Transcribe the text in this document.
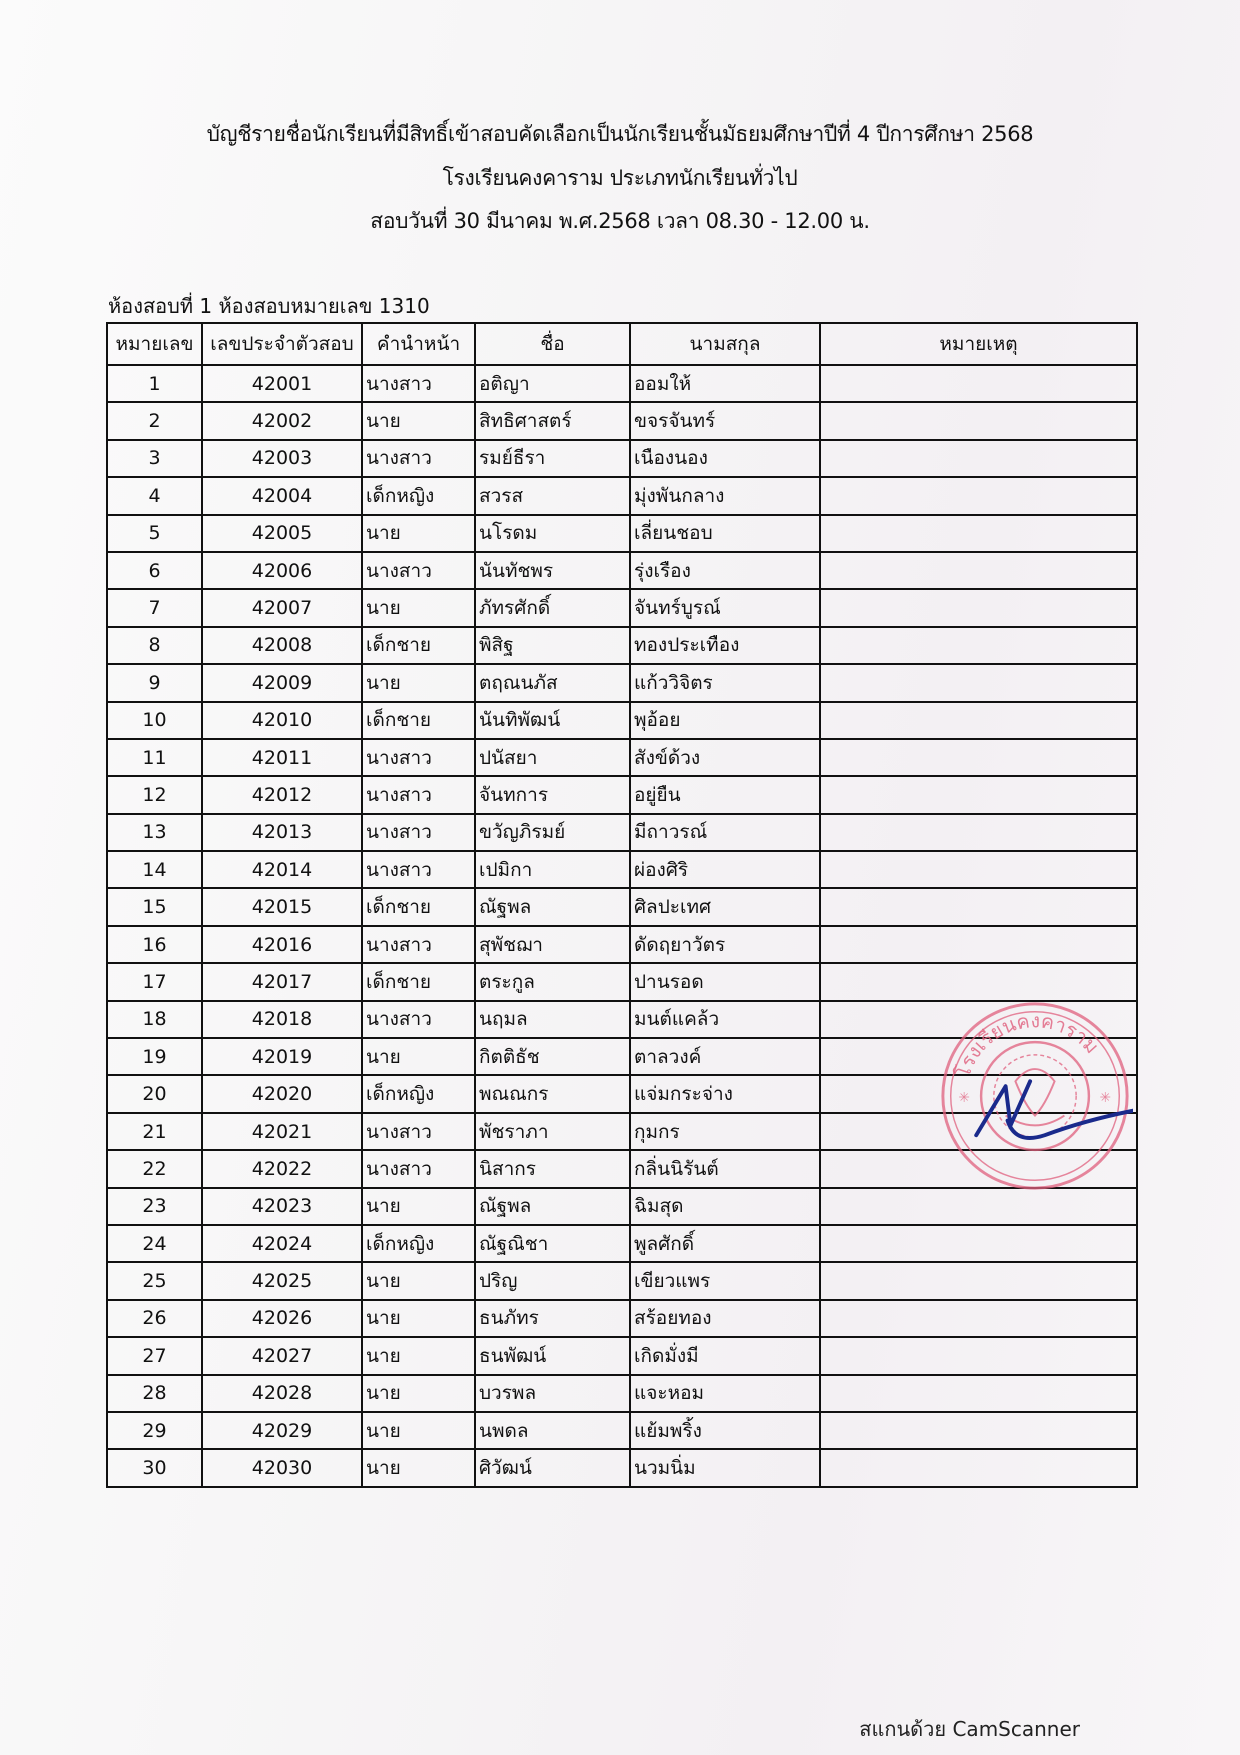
บัญชีรายชื่อนักเรียนที่มีสิทธิ์เข้าสอบคัดเลือกเป็นนักเรียนชั้นมัธยมศึกษาปีที่ 4 ปีการศึกษา 2568
โรงเรียนคงคาราม ประเภทนักเรียนทั่วไป
สอบวันที่ 30 มีนาคม พ.ศ.2568 เวลา 08.30 - 12.00 น.
ห้องสอบที่ 1 ห้องสอบหมายเลข 1310
หมายเลข	เลขประจำตัวสอบ	คำนำหน้า	ชื่อ	นามสกุล	หมายเหตุ
1	42001	นางสาว	อติญา	ออมให้	
2	42002	นาย	สิทธิศาสตร์	ขจรจันทร์	
3	42003	นางสาว	รมย์ธีรา	เนืองนอง	
4	42004	เด็กหญิง	สวรส	มุ่งพันกลาง	
5	42005	นาย	นโรดม	เลี่ยนชอบ	
6	42006	นางสาว	นันทัชพร	รุ่งเรือง	
7	42007	นาย	ภัทรศักดิ์	จันทร์บูรณ์	
8	42008	เด็กชาย	พิสิฐ	ทองประเทือง	
9	42009	นาย	ตฤณนภัส	แก้ววิจิตร	
10	42010	เด็กชาย	นันทิพัฒน์	พุอ้อย	
11	42011	นางสาว	ปนัสยา	สังข์ด้วง	
12	42012	นางสาว	จันทการ	อยู่ยืน	
13	42013	นางสาว	ขวัญภิรมย์	มีถาวรณ์	
14	42014	นางสาว	เปมิกา	ผ่องศิริ	
15	42015	เด็กชาย	ณัฐพล	ศิลปะเทศ	
16	42016	นางสาว	สุพัชฌา	ดัดฤยาวัตร	
17	42017	เด็กชาย	ตระกูล	ปานรอด	
18	42018	นางสาว	นฤมล	มนต์แคล้ว	
19	42019	นาย	กิตติธัช	ตาลวงค์	
20	42020	เด็กหญิง	พณณกร	แจ่มกระจ่าง	
21	42021	นางสาว	พัชราภา	กุมกร	
22	42022	นางสาว	นิสากร	กลิ่นนิรันต์	
23	42023	นาย	ณัฐพล	ฉิมสุด	
24	42024	เด็กหญิง	ณัฐณิชา	พูลศักดิ์	
25	42025	นาย	ปริญ	เขียวแพร	
26	42026	นาย	ธนภัทร	สร้อยทอง	
27	42027	นาย	ธนพัฒน์	เกิดมั่งมี	
28	42028	นาย	บวรพล	แจะหอม	
29	42029	นาย	นพดล	แย้มพริ้ง	
30	42030	นาย	ศิวัฒน์	นวมนิ่ม	
✳	✳
โรงเรียนคงคาราม
สแกนด้วย CamScanner
